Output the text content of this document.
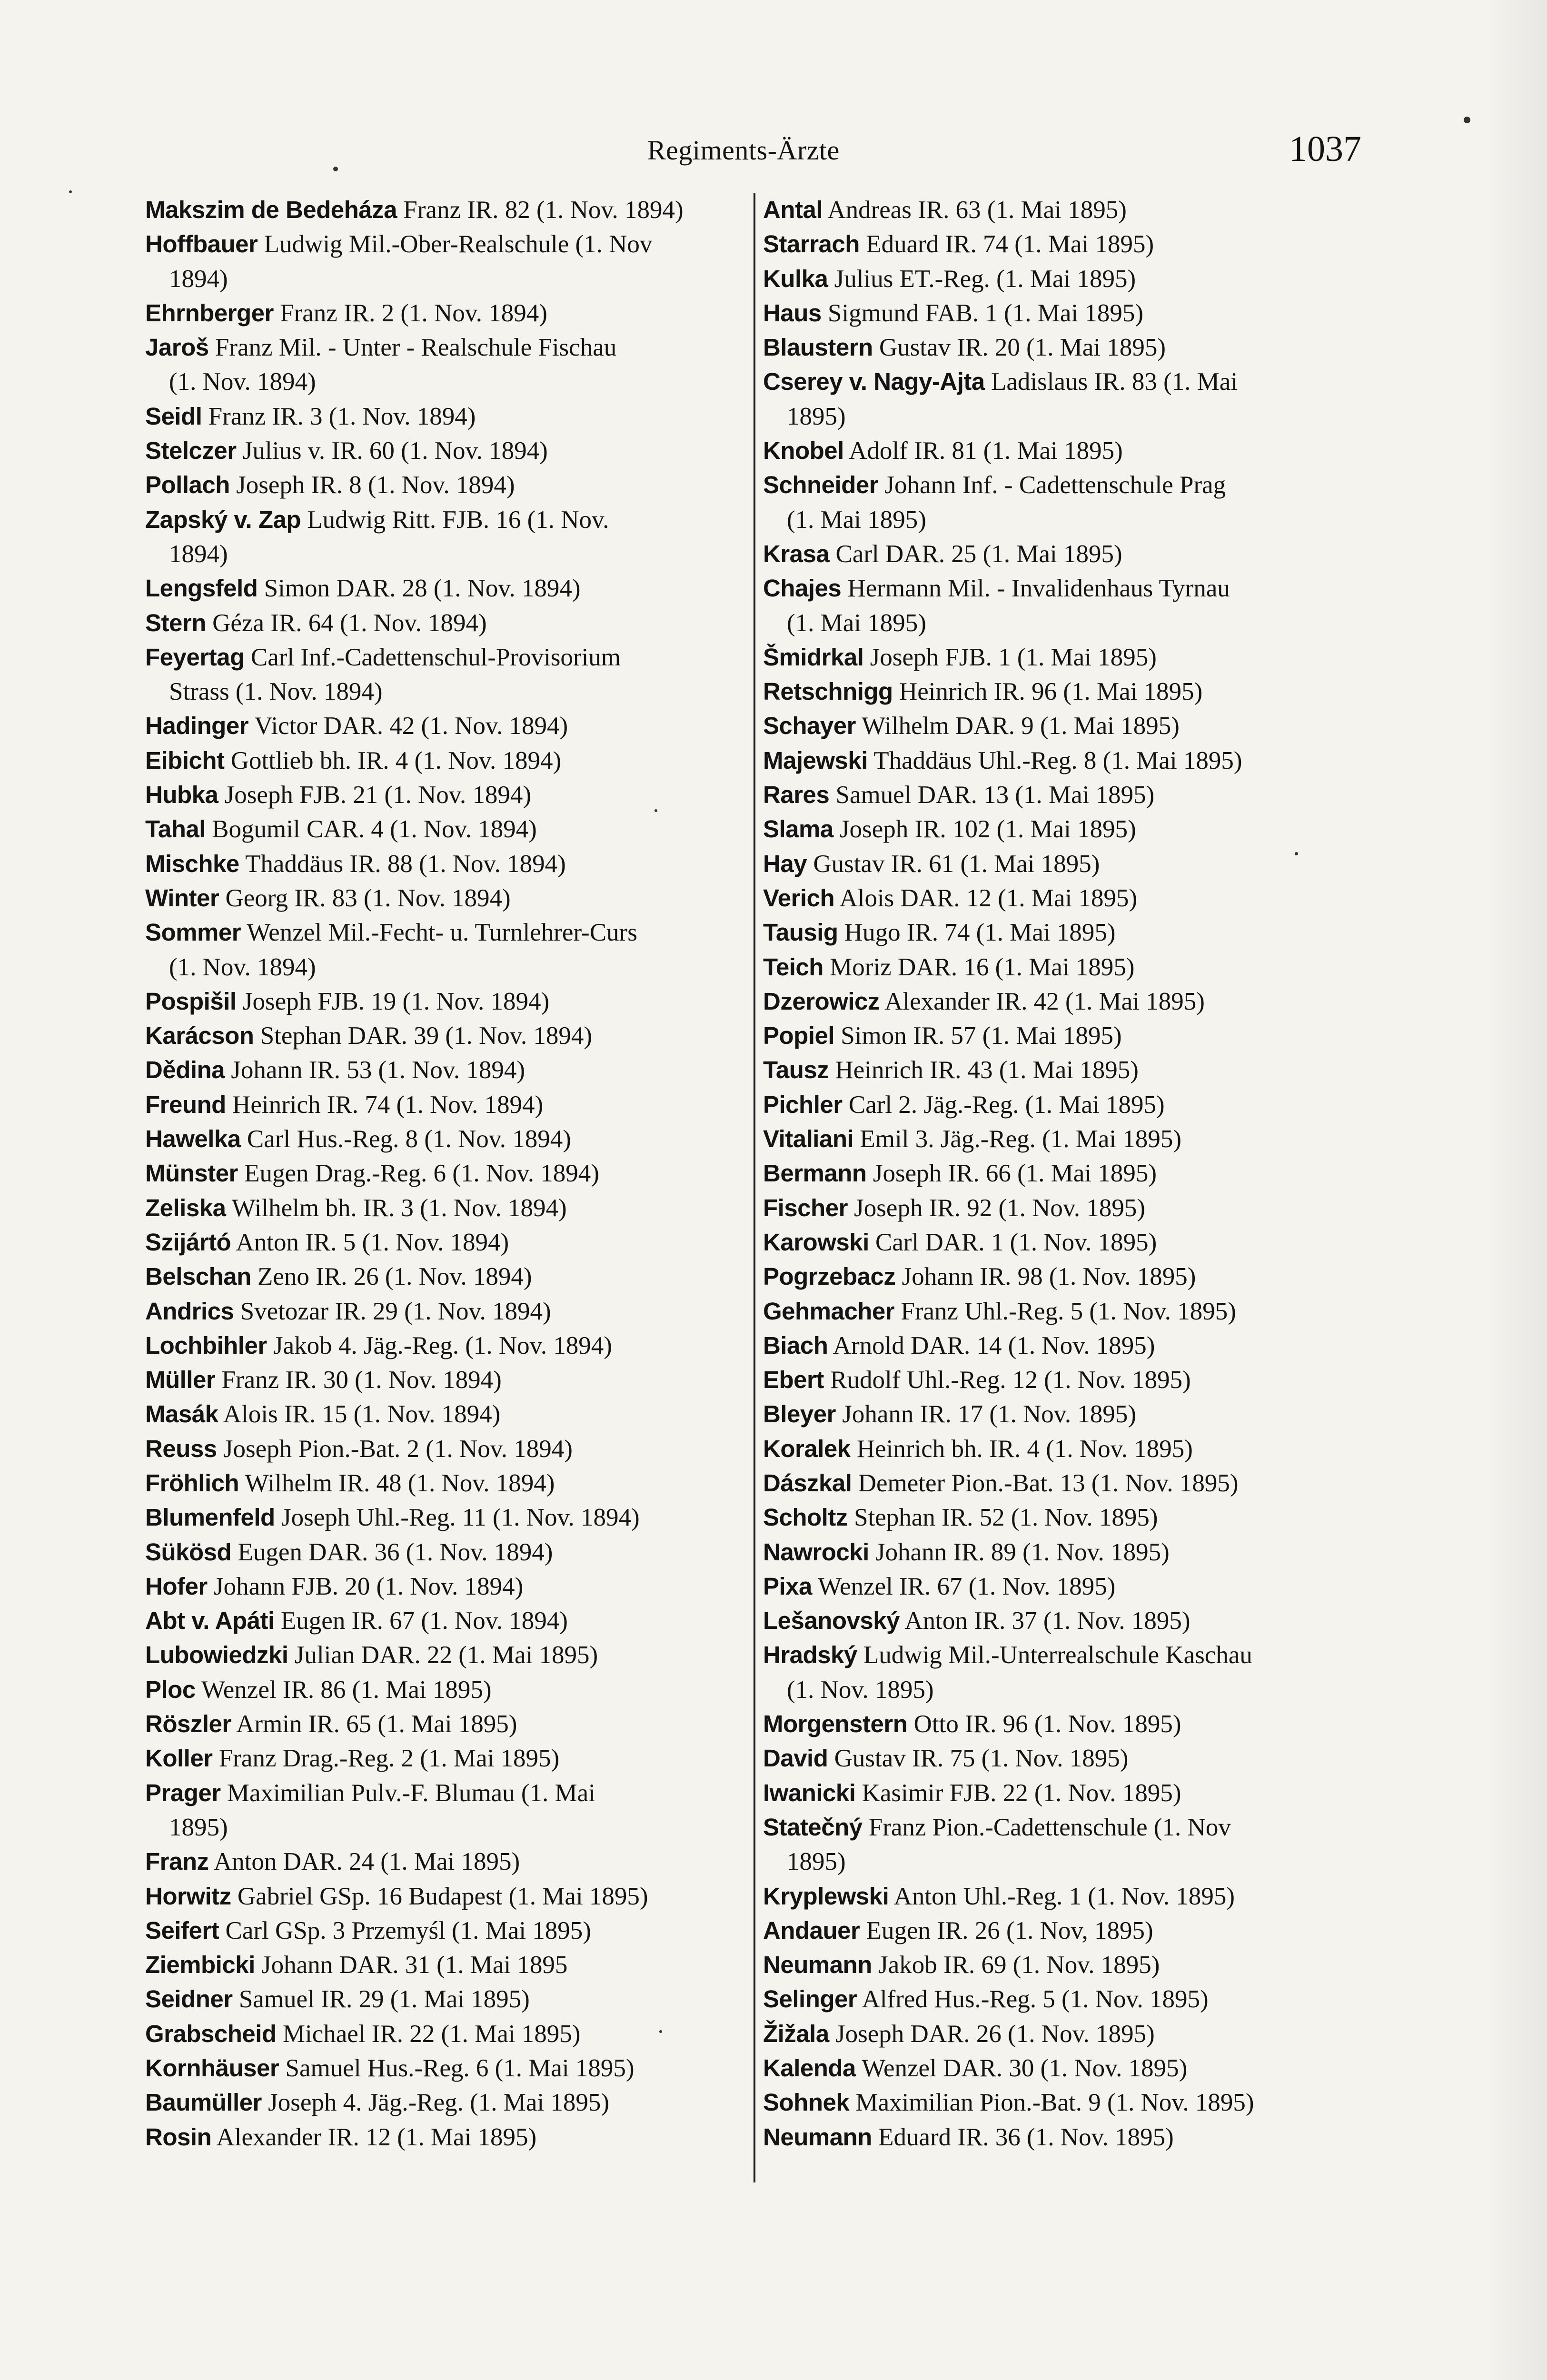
Regiments-Ärzte	1037
Makszim de Bedeháza Franz IR. 82 (1. Nov. 1894)
Hoffbauer Ludwig Mil.-Ober-Realschule (1. Nov
1894)
Ehrnberger Franz IR. 2 (1. Nov. 1894)
Jaroš Franz Mil. - Unter - Realschule Fischau
(1. Nov. 1894)
Seidl Franz IR. 3 (1. Nov. 1894)
Stelczer Julius v. IR. 60 (1. Nov. 1894)
Pollach Joseph IR. 8 (1. Nov. 1894)
Zapský v. Zap Ludwig Ritt. FJB. 16 (1. Nov.
1894)
Lengsfeld Simon DAR. 28 (1. Nov. 1894)
Stern Géza IR. 64 (1. Nov. 1894)
Feyertag Carl Inf.-Cadettenschul-Provisorium
Strass (1. Nov. 1894)
Hadinger Victor DAR. 42 (1. Nov. 1894)
Eibicht Gottlieb bh. IR. 4 (1. Nov. 1894)
Hubka Joseph FJB. 21 (1. Nov. 1894)
Tahal Bogumil CAR. 4 (1. Nov. 1894)
Mischke Thaddäus IR. 88 (1. Nov. 1894)
Winter Georg IR. 83 (1. Nov. 1894)
Sommer Wenzel Mil.-Fecht- u. Turnlehrer-Curs
(1. Nov. 1894)
Pospišil Joseph FJB. 19 (1. Nov. 1894)
Karácson Stephan DAR. 39 (1. Nov. 1894)
Dědina Johann IR. 53 (1. Nov. 1894)
Freund Heinrich IR. 74 (1. Nov. 1894)
Hawelka Carl Hus.-Reg. 8 (1. Nov. 1894)
Münster Eugen Drag.-Reg. 6 (1. Nov. 1894)
Zeliska Wilhelm bh. IR. 3 (1. Nov. 1894)
Szijártó Anton IR. 5 (1. Nov. 1894)
Belschan Zeno IR. 26 (1. Nov. 1894)
Andrics Svetozar IR. 29 (1. Nov. 1894)
Lochbihler Jakob 4. Jäg.-Reg. (1. Nov. 1894)
Müller Franz IR. 30 (1. Nov. 1894)
Masák Alois IR. 15 (1. Nov. 1894)
Reuss Joseph Pion.-Bat. 2 (1. Nov. 1894)
Fröhlich Wilhelm IR. 48 (1. Nov. 1894)
Blumenfeld Joseph Uhl.-Reg. 11 (1. Nov. 1894)
Sükösd Eugen DAR. 36 (1. Nov. 1894)
Hofer Johann FJB. 20 (1. Nov. 1894)
Abt v. Apáti Eugen IR. 67 (1. Nov. 1894)
Lubowiedzki Julian DAR. 22 (1. Mai 1895)
Ploc Wenzel IR. 86 (1. Mai 1895)
Röszler Armin IR. 65 (1. Mai 1895)
Koller Franz Drag.-Reg. 2 (1. Mai 1895)
Prager Maximilian Pulv.-F. Blumau (1. Mai
1895)
Franz Anton DAR. 24 (1. Mai 1895)
Horwitz Gabriel GSp. 16 Budapest (1. Mai 1895)
Seifert Carl GSp. 3 Przemyśl (1. Mai 1895)
Ziembicki Johann DAR. 31 (1. Mai 1895
Seidner Samuel IR. 29 (1. Mai 1895)
Grabscheid Michael IR. 22 (1. Mai 1895)
Kornhäuser Samuel Hus.-Reg. 6 (1. Mai 1895)
Baumüller Joseph 4. Jäg.-Reg. (1. Mai 1895)
Rosin Alexander IR. 12 (1. Mai 1895)
Antal Andreas IR. 63 (1. Mai 1895)
Starrach Eduard IR. 74 (1. Mai 1895)
Kulka Julius ET.-Reg. (1. Mai 1895)
Haus Sigmund FAB. 1 (1. Mai 1895)
Blaustern Gustav IR. 20 (1. Mai 1895)
Cserey v. Nagy-Ajta Ladislaus IR. 83 (1. Mai
1895)
Knobel Adolf IR. 81 (1. Mai 1895)
Schneider Johann Inf. - Cadettenschule Prag
(1. Mai 1895)
Krasa Carl DAR. 25 (1. Mai 1895)
Chajes Hermann Mil. - Invalidenhaus Tyrnau
(1. Mai 1895)
Šmidrkal Joseph FJB. 1 (1. Mai 1895)
Retschnigg Heinrich IR. 96 (1. Mai 1895)
Schayer Wilhelm DAR. 9 (1. Mai 1895)
Majewski Thaddäus Uhl.-Reg. 8 (1. Mai 1895)
Rares Samuel DAR. 13 (1. Mai 1895)
Slama Joseph IR. 102 (1. Mai 1895)
Hay Gustav IR. 61 (1. Mai 1895)
Verich Alois DAR. 12 (1. Mai 1895)
Tausig Hugo IR. 74 (1. Mai 1895)
Teich Moriz DAR. 16 (1. Mai 1895)
Dzerowicz Alexander IR. 42 (1. Mai 1895)
Popiel Simon IR. 57 (1. Mai 1895)
Tausz Heinrich IR. 43 (1. Mai 1895)
Pichler Carl 2. Jäg.-Reg. (1. Mai 1895)
Vitaliani Emil 3. Jäg.-Reg. (1. Mai 1895)
Bermann Joseph IR. 66 (1. Mai 1895)
Fischer Joseph IR. 92 (1. Nov. 1895)
Karowski Carl DAR. 1 (1. Nov. 1895)
Pogrzebacz Johann IR. 98 (1. Nov. 1895)
Gehmacher Franz Uhl.-Reg. 5 (1. Nov. 1895)
Biach Arnold DAR. 14 (1. Nov. 1895)
Ebert Rudolf Uhl.-Reg. 12 (1. Nov. 1895)
Bleyer Johann IR. 17 (1. Nov. 1895)
Koralek Heinrich bh. IR. 4 (1. Nov. 1895)
Dászkal Demeter Pion.-Bat. 13 (1. Nov. 1895)
Scholtz Stephan IR. 52 (1. Nov. 1895)
Nawrocki Johann IR. 89 (1. Nov. 1895)
Pixa Wenzel IR. 67 (1. Nov. 1895)
Lešanovský Anton IR. 37 (1. Nov. 1895)
Hradský Ludwig Mil.-Unterrealschule Kaschau
(1. Nov. 1895)
Morgenstern Otto IR. 96 (1. Nov. 1895)
David Gustav IR. 75 (1. Nov. 1895)
Iwanicki Kasimir FJB. 22 (1. Nov. 1895)
Statečný Franz Pion.-Cadettenschule (1. Nov
1895)
Kryplewski Anton Uhl.-Reg. 1 (1. Nov. 1895)
Andauer Eugen IR. 26 (1. Nov, 1895)
Neumann Jakob IR. 69 (1. Nov. 1895)
Selinger Alfred Hus.-Reg. 5 (1. Nov. 1895)
Žižala Joseph DAR. 26 (1. Nov. 1895)
Kalenda Wenzel DAR. 30 (1. Nov. 1895)
Sohnek Maximilian Pion.-Bat. 9 (1. Nov. 1895)
Neumann Eduard IR. 36 (1. Nov. 1895)
